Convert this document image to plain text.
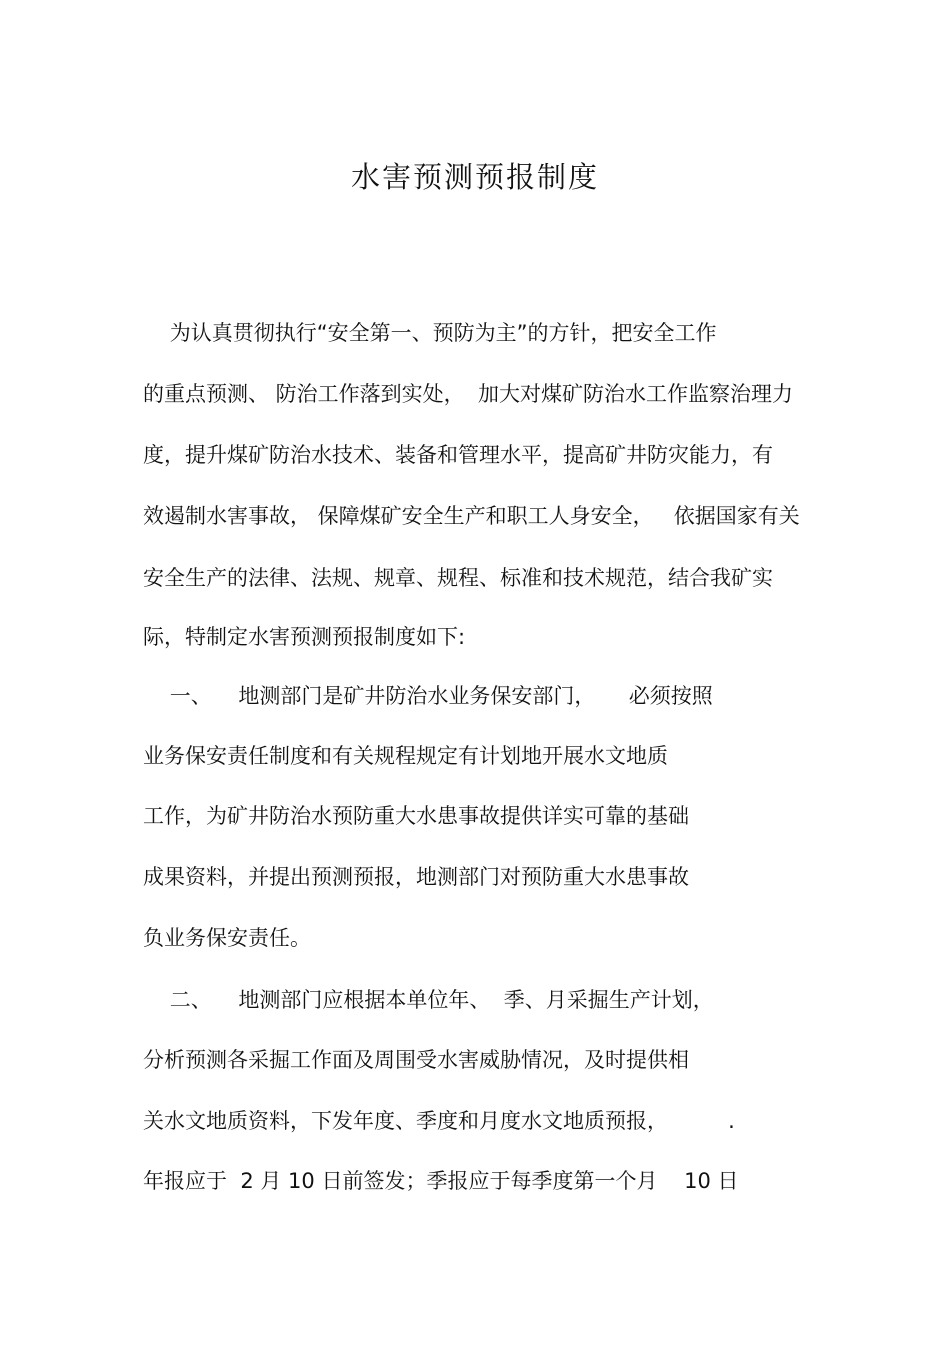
水害预测预报制度

为认真贯彻执行“安全第一、预防为主”的方针，把安全工作

的重点预测、 防治工作落到实处，  加大对煤矿防治水工作监察治理力

度，提升煤矿防治水技术、装备和管理水平，提高矿井防灾能力，有

效遏制水害事故， 保障煤矿安全生产和职工人身安全，   依据国家有关

安全生产的法律、法规、规章、规程、标准和技术规范，结合我矿实

际，特制定水害预测预报制度如下:

一、    地测部门是矿井防治水业务保安部门，     必须按照

业务保安责任制度和有关规程规定有计划地开展水文地质

工作，为矿井防治水预防重大水患事故提供详实可靠的基础

成果资料，并提出预测预报，地测部门对预防重大水患事故

负业务保安责任。

二、    地测部门应根据本单位年、  季、月采掘生产计划，

分析预测各采掘工作面及周围受水害威胁情况，及时提供相

关水文地质资料，下发年度、季度和月度水文地质预报，         .

年报应于  2 月 10 日前签发；季报应于每季度第一个月    10 日
